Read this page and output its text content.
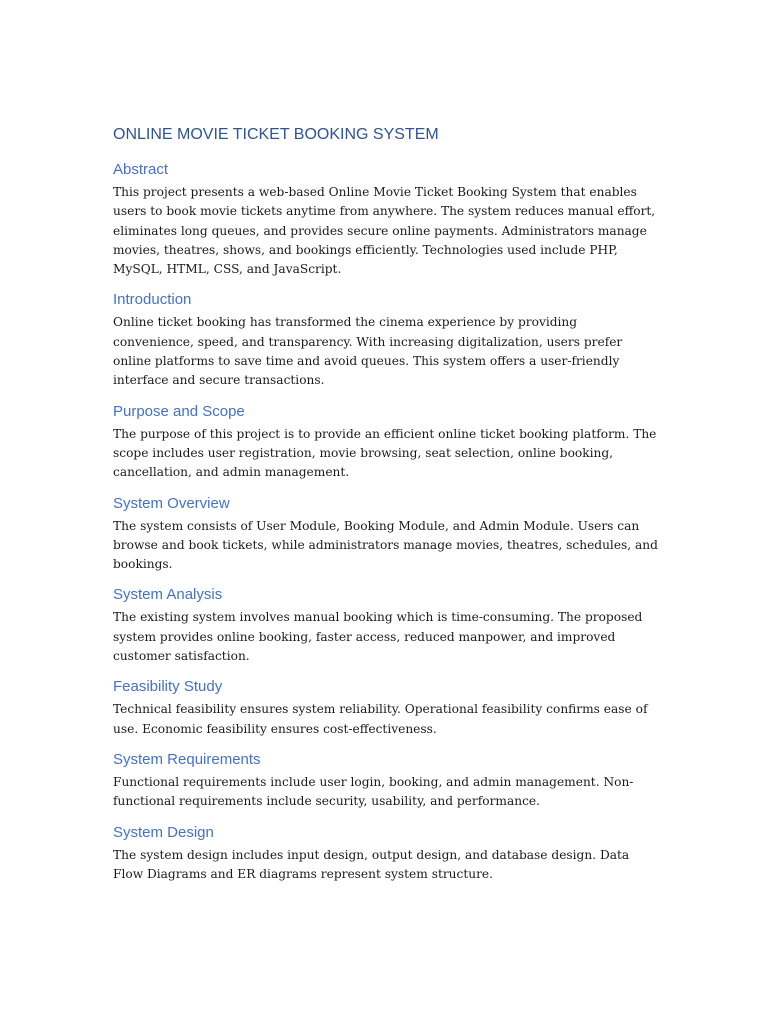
ONLINE MOVIE TICKET BOOKING SYSTEM
Abstract

This project presents a web-based Online Movie Ticket Booking System that enables users to book movie tickets anytime from anywhere. The system reduces manual effort, eliminates long queues, and provides secure online payments. Administrators manage movies, theatres, shows, and bookings efficiently. Technologies used include PHP, MySQL, HTML, CSS, and JavaScript.

Introduction

Online ticket booking has transformed the cinema experience by providing convenience, speed, and transparency. With increasing digitalization, users prefer online platforms to save time and avoid queues. This system offers a user-friendly interface and secure transactions.

Purpose and Scope

The purpose of this project is to provide an efficient online ticket booking platform. The scope includes user registration, movie browsing, seat selection, online booking, cancellation, and admin management.

System Overview

The system consists of User Module, Booking Module, and Admin Module. Users can browse and book tickets, while administrators manage movies, theatres, schedules, and bookings.

System Analysis

The existing system involves manual booking which is time-consuming. The proposed system provides online booking, faster access, reduced manpower, and improved customer satisfaction.

Feasibility Study

Technical feasibility ensures system reliability. Operational feasibility confirms ease of use. Economic feasibility ensures cost-effectiveness.

System Requirements

Functional requirements include user login, booking, and admin management. Non-functional requirements include security, usability, and performance.

System Design

The system design includes input design, output design, and database design. Data Flow Diagrams and ER diagrams represent system structure.
